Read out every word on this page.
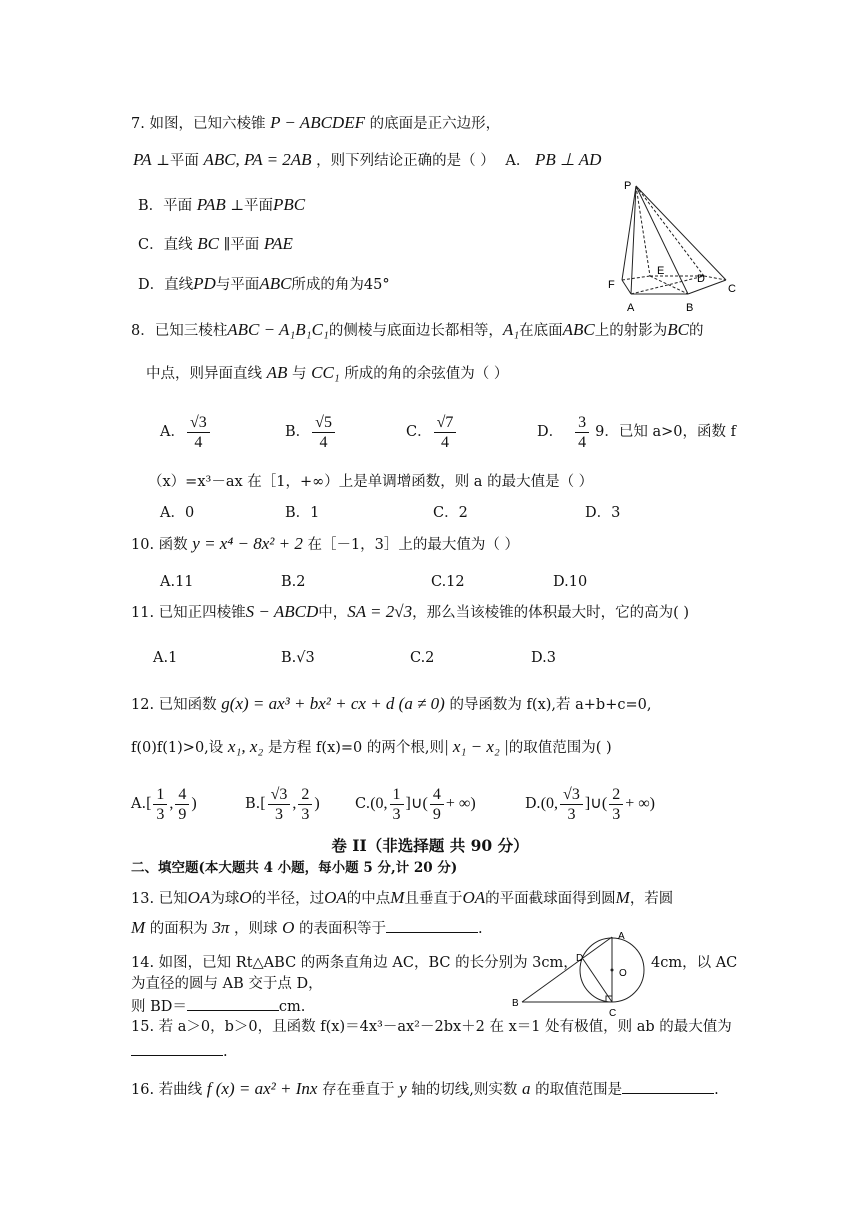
7. 如图，已知六棱锥 P − ABCDEF 的底面是正六边形，
PA ⊥平面 ABC, PA = 2AB ，则下列结论正确的是（ ） A． PB ⊥ AD
B．平面 PAB ⊥平面PBC
C．直线 BC ∥平面 PAE
D．直线PD与平面ABC所成的角为45°
P
F
A
E
B
D
C
8．已知三棱柱ABC − A₁B₁C₁的侧棱与底面边长都相等，A₁在底面ABC上的射影为BC的
中点，则异面直线 AB 与 CC₁ 所成的角的余弦值为（ ）
A． $\frac{√3}{4}$	B． $\frac{√5}{4}$	C． $\frac{√7}{4}$	D． $\frac{3}{4} 9$．已知 a>0，函数 f
（x）=x³－ax 在［1，+∞）上是单调增函数，则 a 的最大值是（ ）
A．0	B．1	C．2	D．3
10. 函数 y = x⁴ − 8x² + 2 在［－1，3］上的最大值为（ ）
A.11	B.2	C.12	D.10
11. 已知正四棱锥S − ABCD中，SA = 2√3，那么当该棱锥的体积最大时，它的高为( )
A.1	B.√3	C.2	D.3
12. 已知函数 g(x) = ax³ + bx² + cx + d (a ≠ 0) 的导函数为 f(x),若 a+b+c=0,
f(0)f(1)>0,设 x₁, x₂ 是方程 f(x)=0 的两个根,则| x₁ − x₂ |的取值范围为( )
A. [ $\frac{1}{3}$ , $\frac{4}{9}$ )	B. [ $\frac{√3}{3}$ , $\frac{2}{3}$ ) C. (0, $\frac{1}{3}$ ]∪( $\frac{4}{9}$ + ∞)	D. (0, $\frac{√3}{3}$ ]∪( $\frac{2}{3}$ + ∞)
卷 II（非选择题 共 90 分）
二、填空题(本大题共 4 小题，每小题 5 分,计 20 分)
13. 已知OA为球O的半径，过OA的中点M且垂直于OA的平面截球面得到圆M，若圆
M 的面积为 3π ，则球 O 的表面积等于	.
14. 如图，已知 Rt△ABC 的两条直角边 AC，BC 的长分别为 3cm，	4cm，以 AC
为直径的圆与 AB 交于点 D，
则 BD＝	cm.
A
D
O
B
C
15. 若 a＞0，b＞0，且函数 f(x)＝4x³－ax²－2bx＋2 在 x＝1 处有极值，则 ab 的最大值为
.
16. 若曲线 f (x) = ax² + Inx 存在垂直于 y 轴的切线,则实数 a 的取值范围是	.
